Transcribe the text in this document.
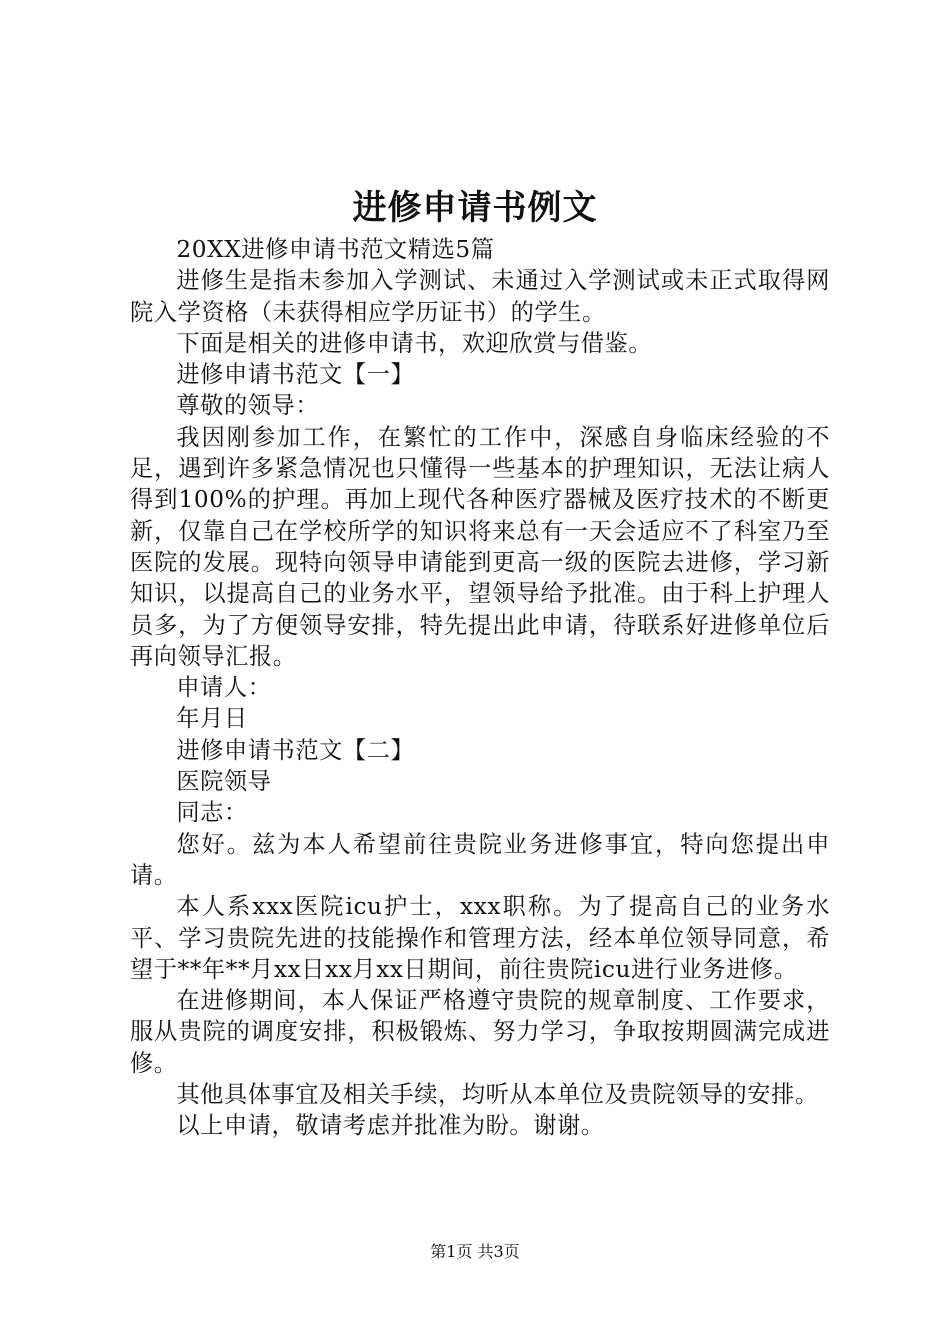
进修申请书例文

20XX进修申请书范文精选5篇

进修生是指未参加入学测试、未通过入学测试或未正式取得网院入学资格（未获得相应学历证书）的学生。

下面是相关的进修申请书，欢迎欣赏与借鉴。

进修申请书范文【一】

尊敬的领导：

我因刚参加工作，在繁忙的工作中，深感自身临床经验的不足，遇到许多紧急情况也只懂得一些基本的护理知识，无法让病人得到100%的护理。再加上现代各种医疗器械及医疗技术的不断更新，仅靠自己在学校所学的知识将来总有一天会适应不了科室乃至医院的发展。现特向领导申请能到更高一级的医院去进修，学习新知识，以提高自己的业务水平，望领导给予批准。由于科上护理人员多，为了方便领导安排，特先提出此申请，待联系好进修单位后再向领导汇报。

申请人：

年月日

进修申请书范文【二】

医院领导

同志：

您好。兹为本人希望前往贵院业务进修事宜，特向您提出申请。

本人系xxx医院icu护士，xxx职称。为了提高自己的业务水平、学习贵院先进的技能操作和管理方法，经本单位领导同意，希望于**年**月xx日xx月xx日期间，前往贵院icu进行业务进修。

在进修期间，本人保证严格遵守贵院的规章制度、工作要求，服从贵院的调度安排，积极锻炼、努力学习，争取按期圆满完成进修。

其他具体事宜及相关手续，均听从本单位及贵院领导的安排。

以上申请，敬请考虑并批准为盼。谢谢。

第1页 共3页
